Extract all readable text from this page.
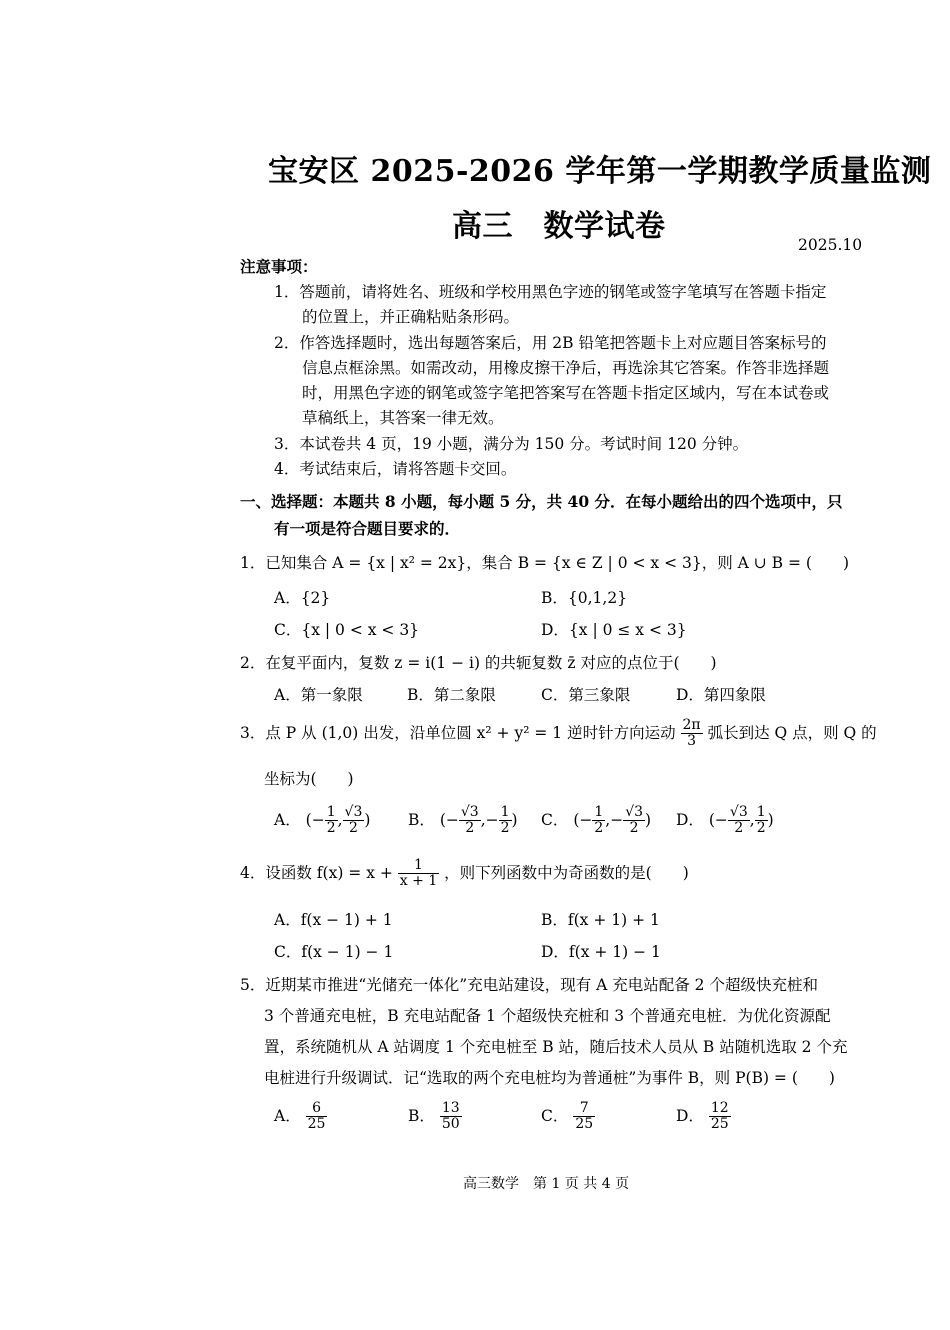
宝安区 2025-2026 学年第一学期教学质量监测
高三　数学试卷
2025.10
注意事项：
1．答题前，请将姓名、班级和学校用黑色字迹的钢笔或签字笔填写在答题卡指定
的位置上，并正确粘贴条形码。
2．作答选择题时，选出每题答案后，用 2B 铅笔把答题卡上对应题目答案标号的
信息点框涂黑。如需改动，用橡皮擦干净后，再选涂其它答案。作答非选择题
时，用黑色字迹的钢笔或签字笔把答案写在答题卡指定区域内，写在本试卷或
草稿纸上，其答案一律无效。
3．本试卷共 4 页，19 小题，满分为 150 分。考试时间 120 分钟。
4．考试结束后，请将答题卡交回。
一、选择题：本题共 8 小题，每小题 5 分，共 40 分．在每小题给出的四个选项中，只
有一项是符合题目要求的．
1．已知集合 A = {x | x² = 2x}，集合 B = {x ∈ Z | 0 < x < 3}，则 A ∪ B = (　　)
A．{2}	B．{0,1,2}
C．{x | 0 < x < 3}	D．{x | 0 ≤ x < 3}
2．在复平面内，复数 z = i(1 − i) 的共轭复数 z̄ 对应的点位于(　　)
A．第一象限	B．第二象限	C．第三象限	D．第四象限
3．点 P 从 (1,0) 出发，沿单位圆 x² + y² = 1 逆时针方向运动 $\frac{2\pi}{3}$ 弧长到达 Q 点，则 Q 的
坐标为(　　)
A． (− $\frac{1}{2}$ , $\frac{√3}{2}$ ) B． (− $\frac{√3}{2}$ ,− $\frac{1}{2}$ ) C． (− $\frac{1}{2}$ ,− $\frac{√3}{2}$ ) D． (− $\frac{√3}{2}$ , $\frac{1}{2}$ )
4．设函数 $f(x) = x + \frac{1}{x + 1}$ ，则下列函数中为奇函数的是(　　)
A．f(x − 1) + 1	B．f(x + 1) + 1
C．f(x − 1) − 1	D．f(x + 1) − 1
5．近期某市推进“光储充一体化”充电站建设，现有 A 充电站配备 2 个超级快充桩和
3 个普通充电桩，B 充电站配备 1 个超级快充桩和 3 个普通充电桩．为优化资源配
置，系统随机从 A 站调度 1 个充电桩至 B 站，随后技术人员从 B 站随机选取 2 个充
电桩进行升级调试．记“选取的两个充电桩均为普通桩”为事件 B，则 P(B) = (　　)
A． $\frac{6}{25}$	B． $\frac{13}{50}$	C． $\frac{7}{25}$	D． $\frac{12}{25}$
高三数学　第 1 页 共 4 页
